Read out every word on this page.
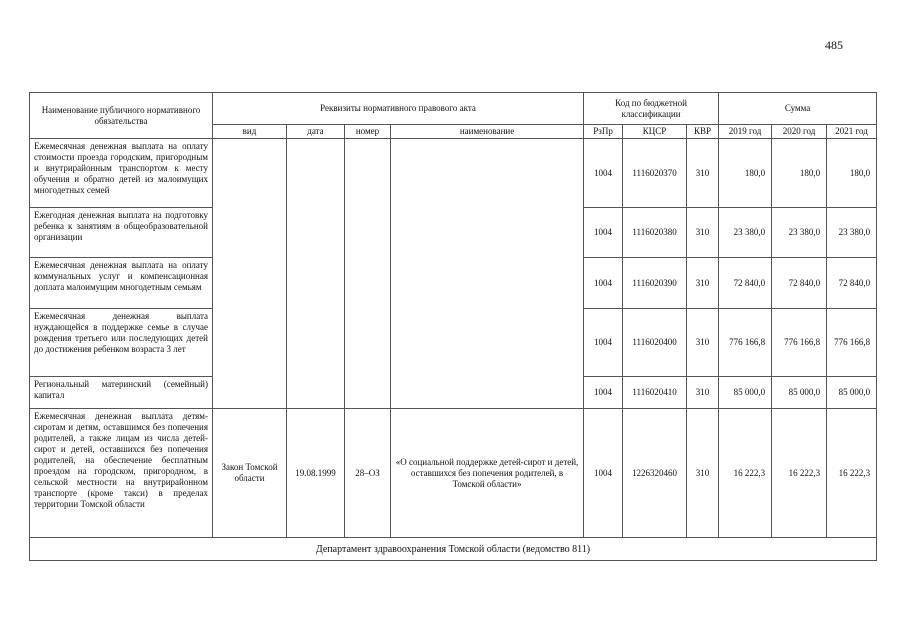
485
Наименование публичного нормативного обязательства	Реквизиты нормативного правового акта				Код по бюджетной классификации			Сумма		
	вид	дата	номер	наименование	РзПр	КЦСР	КВР	2019 год	2020 год	2021 год
Ежемесячная денежная выплата на оплату стоимости проезда городским, пригородным и внутрирайонным транспортом к месту обучения и обратно детей из малоимущих многодетных семей					1004	1116020370	310	180,0	180,0	180,0
Ежегодная денежная выплата на подготовку ребенка к занятиям в общеобразовательной организации					1004	1116020380	310	23 380,0	23 380,0	23 380,0
Ежемесячная денежная выплата на оплату коммунальных услуг и компенсационная доплата малоимущим многодетным семьям					1004	1116020390	310	72 840,0	72 840,0	72 840,0
Ежемесячная денежная выплата нуждающейся в поддержке семье в случае рождения третьего или последующих детей до достижения ребенком возраста 3 лет					1004	1116020400	310	776 166,8	776 166,8	776 166,8
Региональный материнский (семейный) капитал					1004	1116020410	310	85 000,0	85 000,0	85 000,0
Ежемесячная денежная выплата детям-сиротам и детям, оставшимся без попечения родителей, а также лицам из числа детей-сирот и детей, оставшихся без попечения родителей, на обеспечение бесплатным проездом на городском, пригородном, в сельской местности на внутрирайонном транспорте (кроме такси) в пределах территории Томской области	Закон Томской области	19.08.1999	28–ОЗ	«О социальной поддержке детей-сирот и детей, оставшихся без попечения родителей, в Томской области»	1004	1226320460	310	16 222,3	16 222,3	16 222,3
Департамент здравоохранения Томской области (ведомство 811)										
